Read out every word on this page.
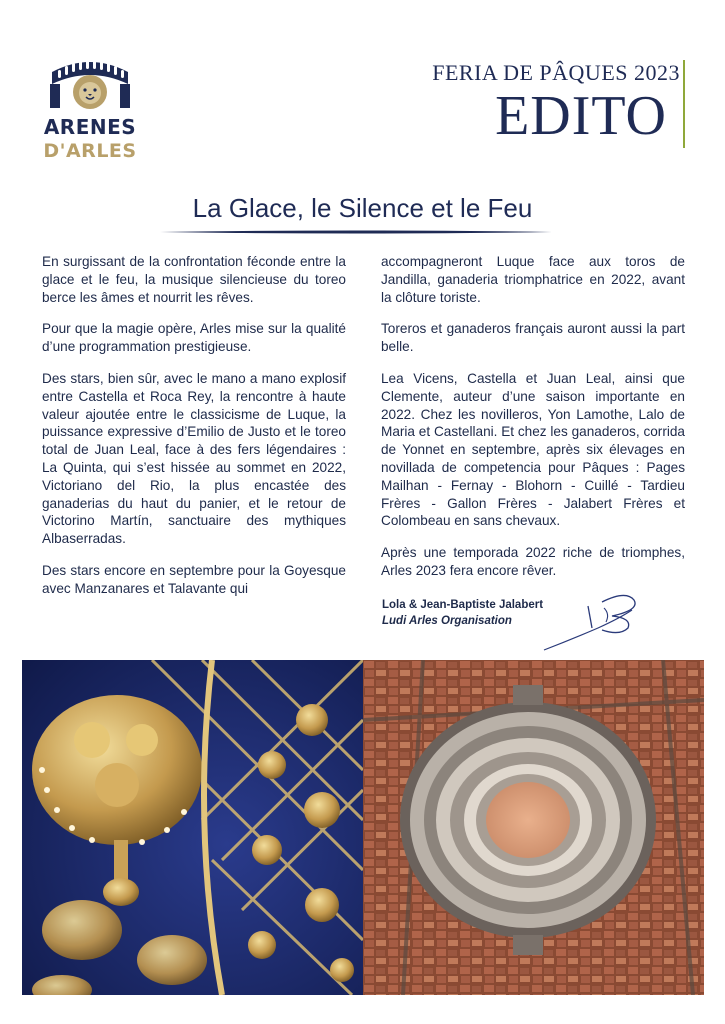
ARENES
D'ARLES
FERIA DE PÂQUES 2023
EDITO
La Glace, le Silence et le Feu

En surgissant de la confrontation féconde entre la glace et le feu, la musique silencieuse du toreo berce les âmes et nourrit les rêves.

Pour que la magie opère, Arles mise sur la qualité d’une programmation prestigieuse.

Des stars, bien sûr, avec le mano a mano explosif entre Castella et Roca Rey, la rencontre à haute valeur ajoutée entre le classicisme de Luque, la puissance expressive d’Emilio de Justo et le toreo total de Juan Leal, face à des fers légendaires : La Quinta, qui s’est hissée au sommet en 2022, Victoriano del Rio, la plus encastée des ganaderias du haut du panier, et le retour de Victorino Martín, sanctuaire des mythiques Albaserradas.

Des stars encore en septembre pour la Goyesque avec Manzanares et Talavante qui

accompagneront Luque face aux toros de Jandilla, ganaderia triomphatrice en 2022, avant la clôture toriste.

Toreros et ganaderos français auront aussi la part belle.

Lea Vicens, Castella et Juan Leal, ainsi que Clemente, auteur d’une saison importante en 2022. Chez les novilleros, Yon Lamothe, Lalo de Maria et Castellani. Et chez les ganaderos, corrida de Yonnet en septembre, après six élevages en novillada de competencia pour Pâques : Pages Mailhan - Fernay - Blohorn - Cuillé - Tardieu Frères - Gallon Frères - Jalabert Frères et Colombeau en sans chevaux.

Après une temporada 2022 riche de triomphes, Arles 2023 fera encore rêver.

Lola & Jean-Baptiste Jalabert
Ludi Arles Organisation
